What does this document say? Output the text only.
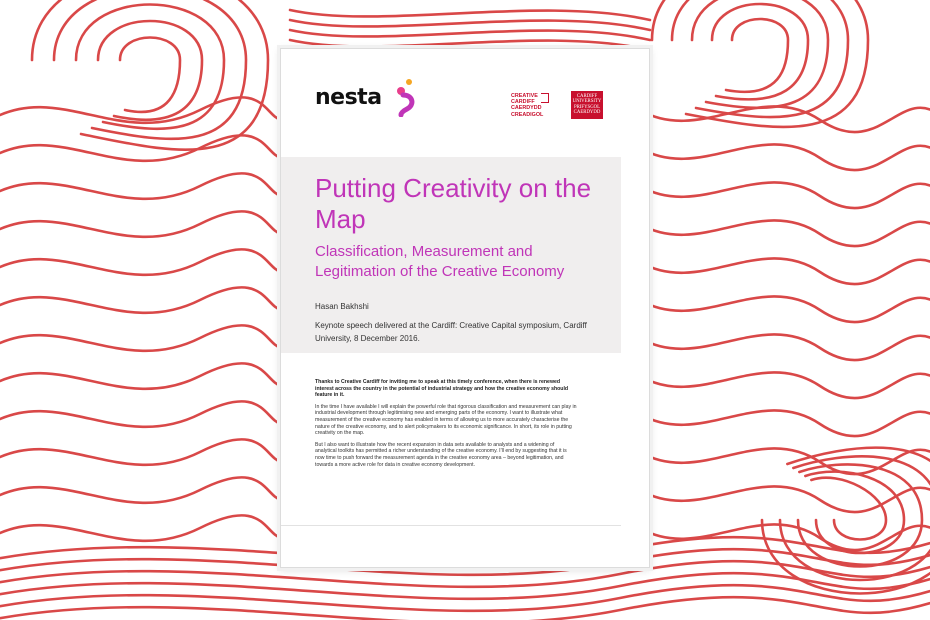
nesta	CREATIVE
CARDIFF
CAERDYDD
CREADIGOL
CARDIFF
UNIVERSITY
PRIFYSGOL
CAERDYDD
Putting Creativity on the Map
Classification, Measurement and Legitimation of the Creative Economy
Hasan Bakhshi
Keynote speech delivered at the Cardiff: Creative Capital symposium, Cardiff University, 8 December 2016.

Thanks to Creative Cardiff for inviting me to speak at this timely conference, when there is renewed interest across the country in the potential of industrial strategy and how the creative economy should feature in it.

In the time I have available I will explain the powerful role that rigorous classification and measurement can play in industrial development through legitimising new and emerging parts of the economy. I want to illustrate what measurement of the creative economy has enabled in terms of allowing us to more accurately characterise the nature of the creative economy, and to alert policymakers to its economic significance. In short, its role in putting creativity on the map.

But I also want to illustrate how the recent expansion in data sets available to analysts and a widening of analytical toolkits has permitted a richer understanding of the creative economy. I'll end by suggesting that it is now time to push forward the measurement agenda in the creative economy area – beyond legitimation, and towards a more active role for data in creative economy development.
